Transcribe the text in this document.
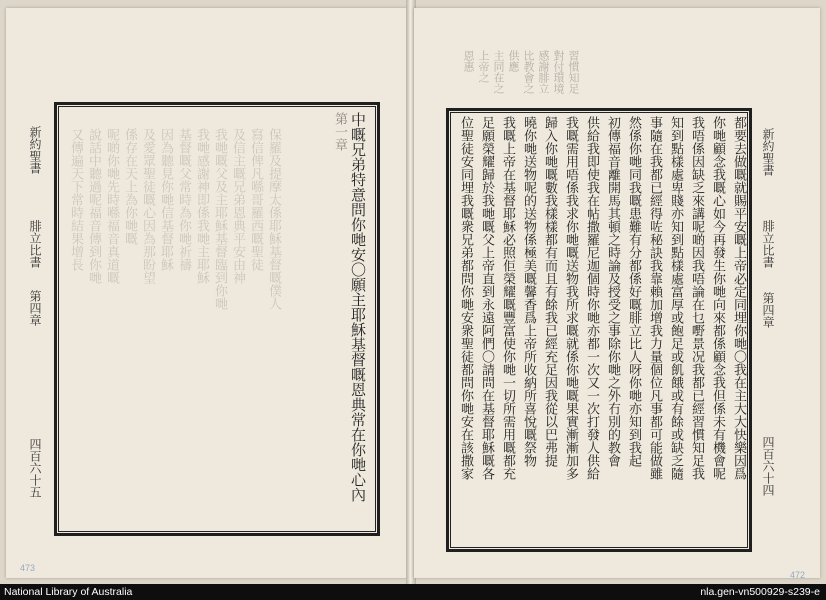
保羅及提摩太係耶穌基督嘅僕人
寫信俾凡喺哥羅西嘅聖徒
及信主嘅兄弟恩典平安由神
我哋嘅父及主耶穌基督臨到你哋
我哋感謝神即係我哋主耶穌
基督嘅父常時為你哋祈禱
因為聽見你哋信基督耶穌
及愛眾聖徒嘅心因為那盼望
係存在天上為你哋嘅
呢啲你哋先時喺福音真道嘅
說話中聽過呢福音傳到你哋
又傳遍天下常時結果增長	中嘅兄弟特意問你哋安〇願主耶穌基督嘅恩典常在你哋心內
第一章
新約聖書
腓立比書
第四章
四百六十五
473
習慣知足
對付環境
感謝腓立
比教會之
供應
主同在之
上帝之
恩惠
都要去做嘅就賜平安嘅上帝必定同埋你哋〇我在主大大快樂因爲
你哋顧念我嘅心如今再發生你哋向來都係顧念我但係未有機會呢
我唔係因缺乏來講呢啲因我唔論在乜嘢景况我都已經習慣知足我
知到點樣處卑賤亦知到點樣處富厚或飽足或飢餓或有餘或缺乏隨
事隨在我都已經得咗秘訣我靠賴加增我力量個位凡事都可能做雖
然係你哋同我嘅患難有分都係好嘅腓立比人呀你哋亦知到我起
初傳福音離開馬其頓之時論及授受之事除你哋之外冇別的教會
供給我即使我在帖撒羅尼迦個時你哋亦都一次又一次打發人供給
我嘅需用唔係我求你哋嘅送物我所求嘅就係你哋嘅果實漸漸加多
歸入你哋嘅數我樣樣都有而且有餘我已經充足因我從以巴弗提
曉你哋送物呢的送物係極美嘅馨香爲上帝所收納所喜悅嘅祭物
我嘅上帝在基督耶穌必照佢榮耀嘅豐富使你哋一切所需用嘅都充
足願榮耀歸於我哋嘅父上帝直到永遠阿們〇請問在基督耶穌嘅各
位聖徒安同埋我嘅衆兄弟都問你哋安衆聖徒都問你哋安在該撒家	新約聖書
腓立比書
第四章
四百六十四
472
National Library of Australia	nla.gen-vn500929-s239-e
